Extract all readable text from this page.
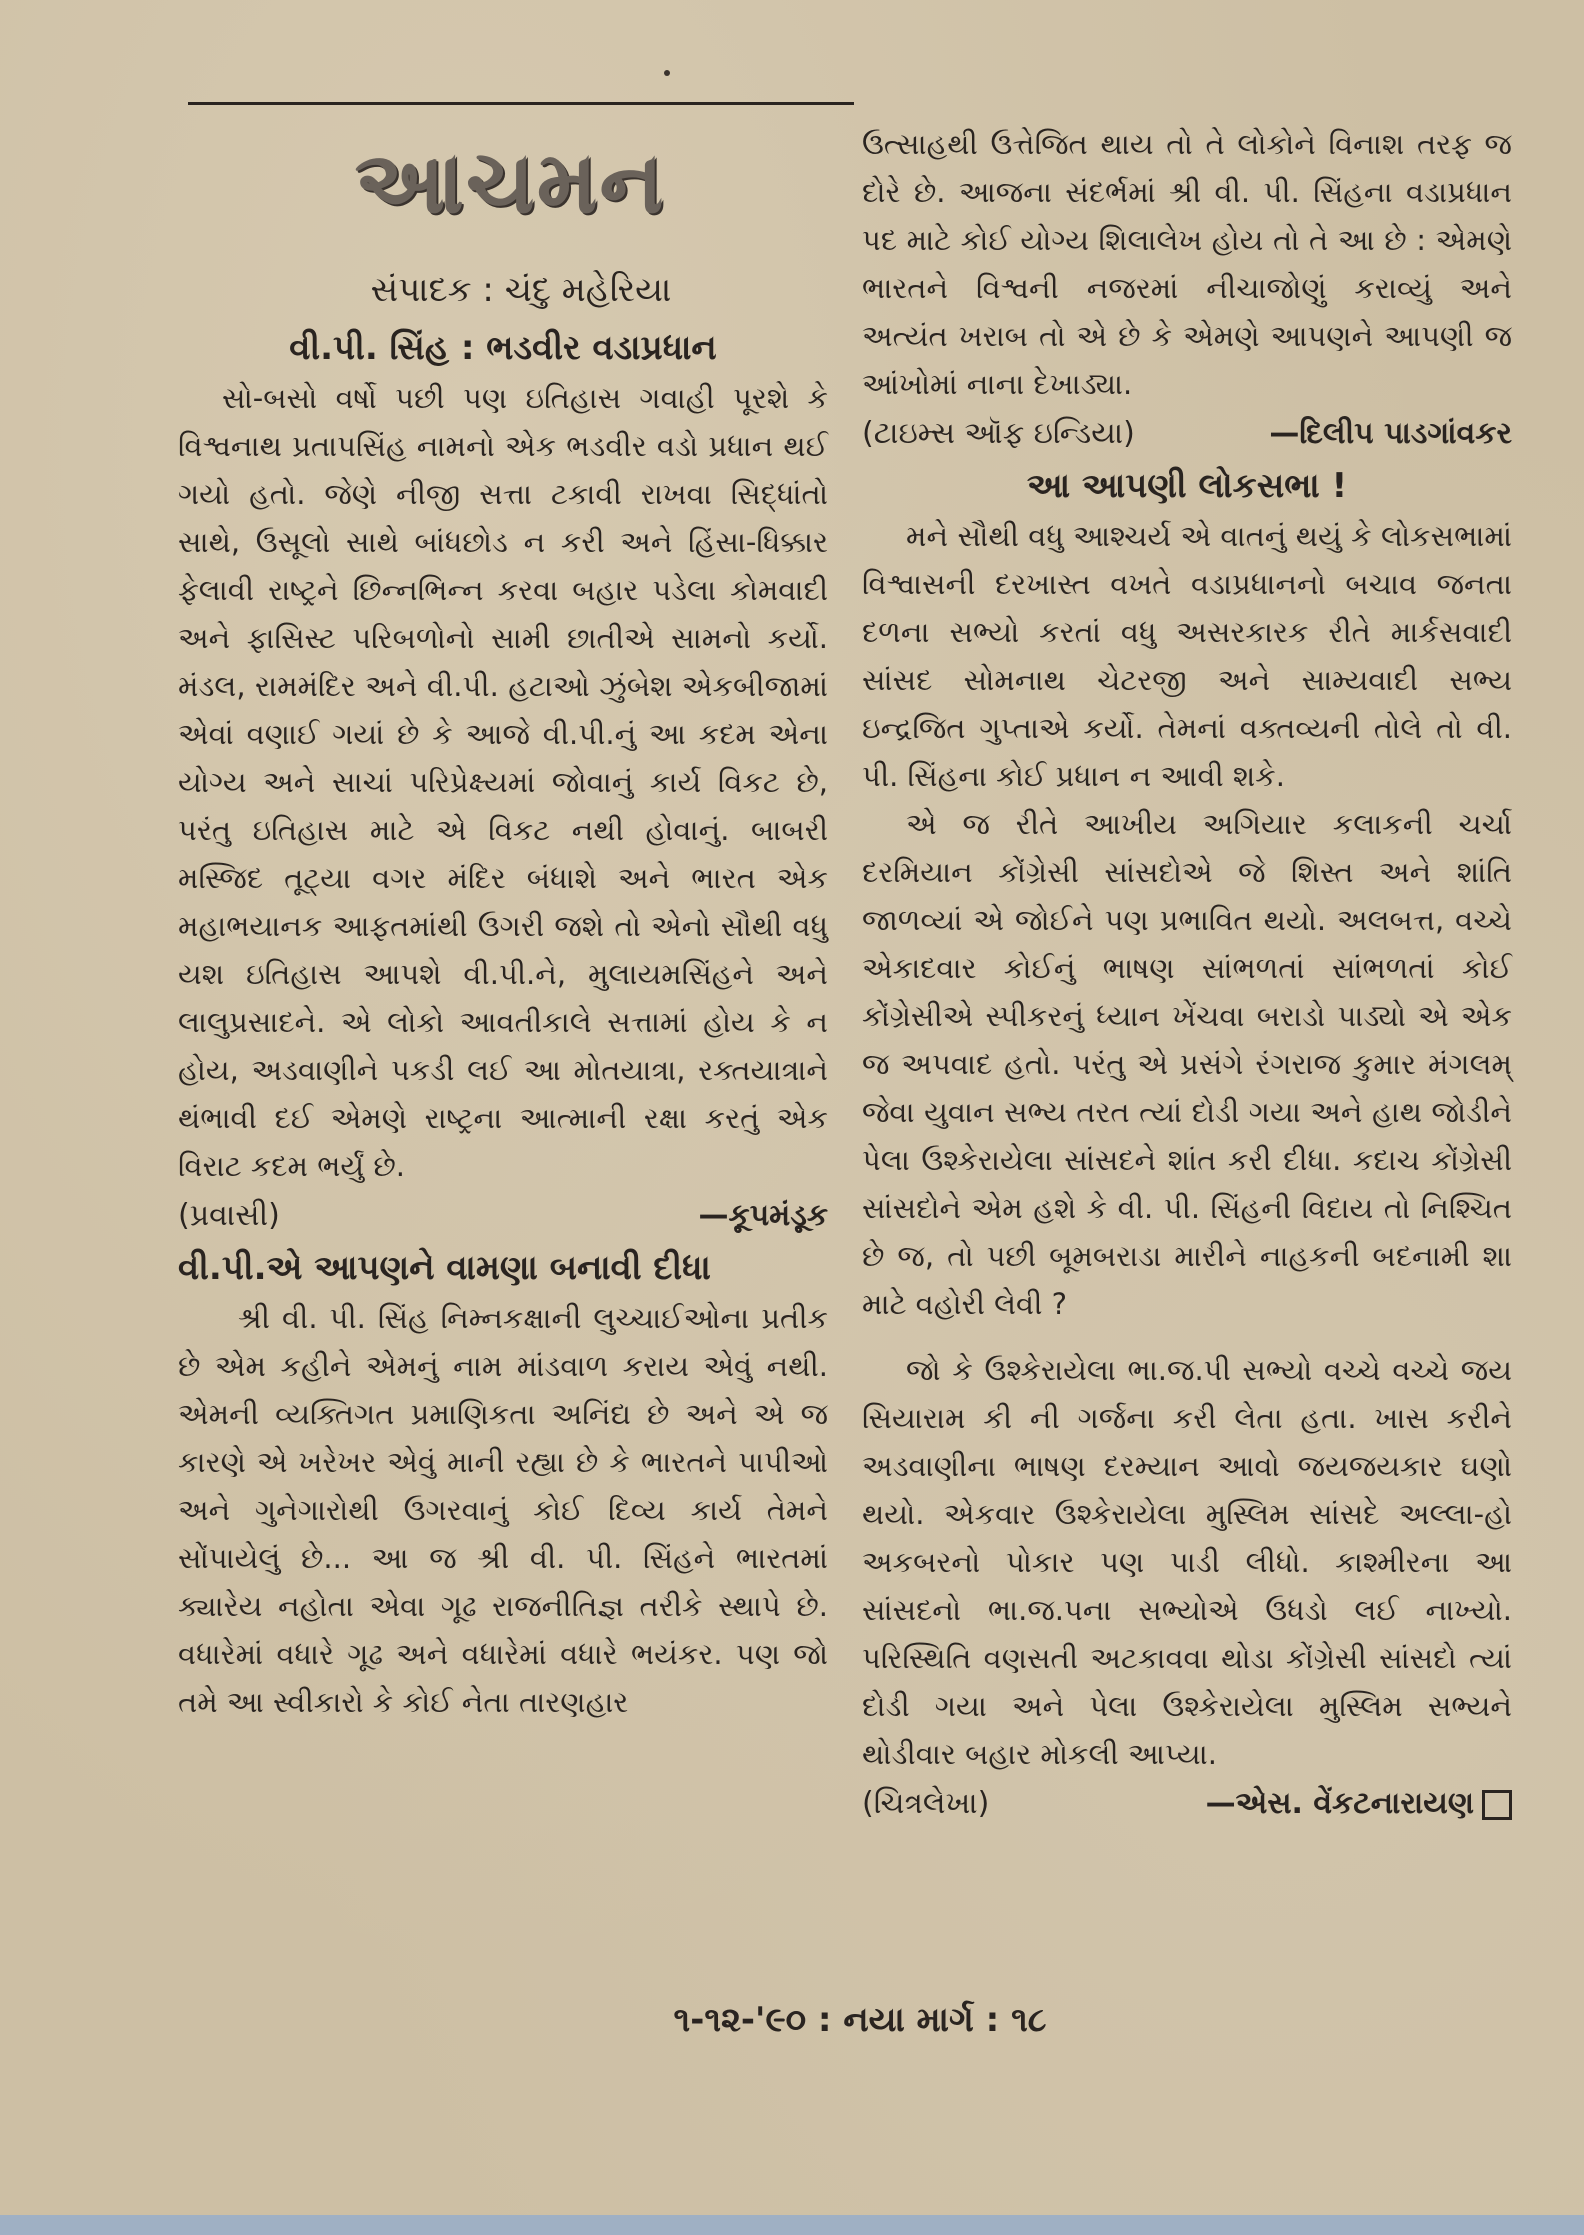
આચમન
સંપાદક : ચંદુ મહેરિયા

વી.પી. સિંહ : ભડવીર વડાપ્રધાન

સો-બસો વર્ષો પછી પણ ઇતિહાસ ગવાહી પૂરશે કે વિશ્વનાથ પ્રતાપસિંહ નામનો એક ભડવીર વડો પ્રધાન થઈ ગયો હતો. જેણે નીજી સત્તા ટકાવી રાખવા સિદ્ધાંતો સાથે, ઉસૂલો સાથે બાંધછોડ ન કરી અને હિંસા-ધિક્કાર ફેલાવી રાષ્ટ્રને છિન્નભિન્ન કરવા બહાર પડેલા કોમવાદી અને ફાસિસ્ટ પરિબળોનો સામી છાતીએ સામનો કર્યો. મંડલ, રામમંદિર અને વી.પી. હટાઓ ઝુંબેશ એકબીજામાં એવાં વણાઈ ગયાં છે કે આજે વી.પી.નું આ કદમ એના યોગ્ય અને સાચાં પરિપ્રેક્ષ્યમાં જોવાનું કાર્ય વિકટ છે, પરંતુ ઇતિહાસ માટે એ વિકટ નથી હોવાનું. બાબરી મસ્જિદ તૂટ્યા વગર મંદિર બંધાશે અને ભારત એક મહાભયાનક આફતમાંથી ઉગરી જશે તો એનો સૌથી વધુ યશ ઇતિહાસ આપશે વી.પી.ને, મુલાયમસિંહને અને લાલુપ્રસાદને. એ લોકો આવતીકાલે સત્તામાં હોય કે ન હોય, અડવાણીને પકડી લઈ આ મોતયાત્રા, રક્તયાત્રાને થંભાવી દઈ એમણે રાષ્ટ્રના આત્માની રક્ષા કરતું એક વિરાટ કદમ ભર્યું છે.

(પ્રવાસી)	—કૂપમંડૂક

વી.પી.એ આપણને વામણા બનાવી દીધા

શ્રી વી. પી. સિંહ નિમ્નકક્ષાની લુચ્ચાઈઓના પ્રતીક છે એમ કહીને એમનું નામ માંડવાળ કરાય એવું નથી. એમની વ્યક્તિગત પ્રમાણિકતા અનિંદ્ય છે અને એ જ કારણે એ ખરેખર એવું માની રહ્યા છે કે ભારતને પાપીઓ અને ગુનેગારોથી ઉગરવાનું કોઈ દિવ્ય કાર્ય તેમને સોંપાયેલું છે... આ જ શ્રી વી. પી. સિંહને ભારતમાં ક્યારેય નહોતા એવા ગૂઢ રાજનીતિજ્ઞ તરીકે સ્થાપે છે. વધારેમાં વધારે ગૂઢ અને વધારેમાં વધારે ભયંકર. પણ જો તમે આ સ્વીકારો કે કોઈ નેતા તારણહાર

ઉત્સાહથી ઉત્તેજિત થાય તો તે લોકોને વિનાશ તરફ જ દોરે છે. આજના સંદર્ભમાં શ્રી વી. પી. સિંહના વડાપ્રધાન પદ માટે કોઈ યોગ્ય શિલાલેખ હોય તો તે આ છે : એમણે ભારતને વિશ્વની નજરમાં નીચાજોણું કરાવ્યું અને અત્યંત ખરાબ તો એ છે કે એમણે આપણને આપણી જ આંખોમાં નાના દેખાડ્યા.

(ટાઇમ્સ ઑફ ઇન્ડિયા)	—દિલીપ પાડગાંવકર

આ આપણી લોકસભા !

મને સૌથી વધુ આશ્ચર્ય એ વાતનું થયું કે લોકસભામાં વિશ્વાસની દરખાસ્ત વખતે વડાપ્રધાનનો બચાવ જનતા દળના સભ્યો કરતાં વધુ અસરકારક રીતે માર્કસવાદી સાંસદ સોમનાથ ચેટરજી અને સામ્યવાદી સભ્ય ઇન્દ્રજિત ગુપ્તાએ કર્યો. તેમનાં વક્તવ્યની તોલે તો વી. પી. સિંહના કોઈ પ્રધાન ન આવી શકે.

એ જ રીતે આખીય અગિયાર કલાકની ચર્ચા દરમિયાન કોંગ્રેસી સાંસદોએ જે શિસ્ત અને શાંતિ જાળવ્યાં એ જોઈને પણ પ્રભાવિત થયો. અલબત્ત, વચ્ચે એકાદવાર કોઈનું ભાષણ સાંભળતાં સાંભળતાં કોઈ કોંગ્રેસીએ સ્પીકરનું ધ્યાન ખેંચવા બરાડો પાડ્યો એ એક જ અપવાદ હતો. પરંતુ એ પ્રસંગે રંગરાજ કુમાર મંગલમ્ જેવા યુવાન સભ્ય તરત ત્યાં દોડી ગયા અને હાથ જોડીને પેલા ઉશ્કેરાયેલા સાંસદને શાંત કરી દીધા. કદાચ કોંગ્રેસી સાંસદોને એમ હશે કે વી. પી. સિંહની વિદાય તો નિશ્ચિત છે જ, તો પછી બૂમબરાડા મારીને નાહકની બદનામી શા માટે વહોરી લેવી ?

જો કે ઉશ્કેરાયેલા ભા.જ.પી સભ્યો વચ્ચે વચ્ચે જય સિયારામ કી ની ગર્જના કરી લેતા હતા. ખાસ કરીને અડવાણીના ભાષણ દરમ્યાન આવો જયજયકાર ઘણો થયો. એકવાર ઉશ્કેરાયેલા મુસ્લિમ સાંસદે અલ્લા-હો અકબરનો પોકાર પણ પાડી લીધો. કાશ્મીરના આ સાંસદનો ભા.જ.પના સભ્યોએ ઉધડો લઈ નાખ્યો. પરિસ્થિતિ વણસતી અટકાવવા થોડા કોંગ્રેસી સાંસદો ત્યાં દોડી ગયા અને પેલા ઉશ્કેરાયેલા મુસ્લિમ સભ્યને થોડીવાર બહાર મોકલી આપ્યા.

(ચિત્રલેખા)	—એસ. વેંકટનારાયણ
૧-૧૨-'૯૦ : નયા માર્ગ : ૧૮
